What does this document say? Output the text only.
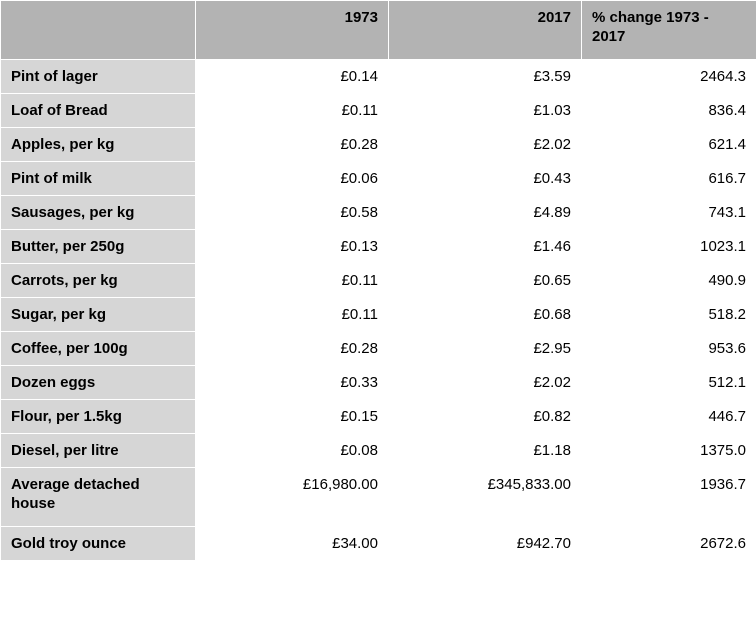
	1973	2017	% change 1973 - 2017
Pint of lager	£0.14	£3.59	2464.3
Loaf of Bread	£0.11	£1.03	836.4
Apples, per kg	£0.28	£2.02	621.4
Pint of milk	£0.06	£0.43	616.7
Sausages, per kg	£0.58	£4.89	743.1
Butter, per 250g	£0.13	£1.46	1023.1
Carrots, per kg	£0.11	£0.65	490.9
Sugar, per kg	£0.11	£0.68	518.2
Coffee, per 100g	£0.28	£2.95	953.6
Dozen eggs	£0.33	£2.02	512.1
Flour, per 1.5kg	£0.15	£0.82	446.7
Diesel, per litre	£0.08	£1.18	1375.0
Average detached house	£16,980.00	£345,833.00	1936.7
Gold troy ounce	£34.00	£942.70	2672.6
